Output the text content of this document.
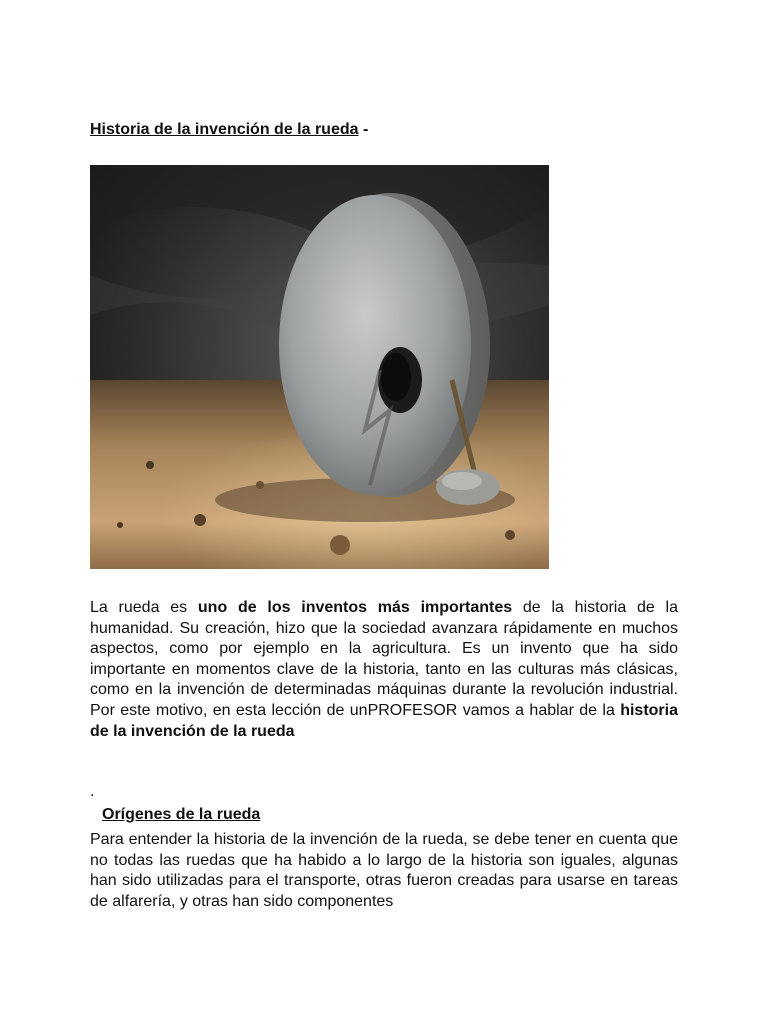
Historia de la invención de la rueda -

La rueda es uno de los inventos más importantes de la historia de la humanidad. Su creación, hizo que la sociedad avanzara rápidamente en muchos aspectos, como por ejemplo en la agricultura. Es un invento que ha sido importante en momentos clave de la historia, tanto en las culturas más clásicas, como en la invención de determinadas máquinas durante la revolución industrial. Por este motivo, en esta lección de unPROFESOR vamos a hablar de la historia de la invención de la rueda

.
Orígenes de la rueda

Para entender la historia de la invención de la rueda, se debe tener en cuenta que no todas las ruedas que ha habido a lo largo de la historia son iguales, algunas han sido utilizadas para el transporte, otras fueron creadas para usarse en tareas de alfarería, y otras han sido componentes
